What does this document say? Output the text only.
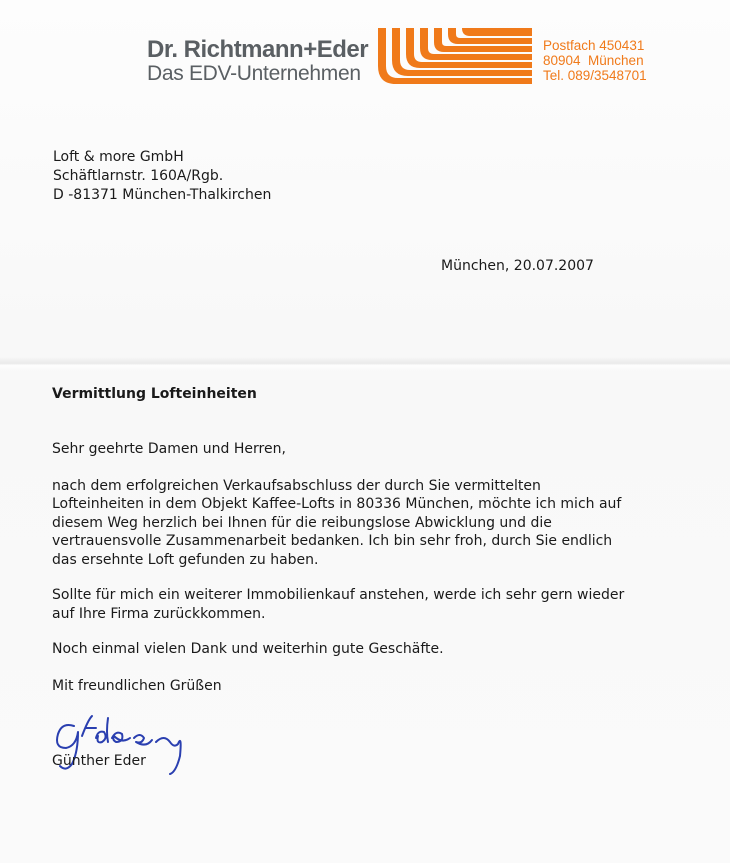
Dr. Richtmann+Eder
Das EDV-Unternehmen
Postfach 450431
80904  München
Tel. 089/3548701
Loft & more GmbH
Schäftlarnstr. 160A/Rgb.
D -81371 München-Thalkirchen
München, 20.07.2007
Vermittlung Lofteinheiten

Sehr geehrte Damen und Herren,

nach dem erfolgreichen Verkaufsabschluss der durch Sie vermittelten
Lofteinheiten in dem Objekt Kaffee-Lofts in 80336 München, möchte ich mich auf
diesem Weg herzlich bei Ihnen für die reibungslose Abwicklung und die
vertrauensvolle Zusammenarbeit bedanken. Ich bin sehr froh, durch Sie endlich
das ersehnte Loft gefunden zu haben.
Sollte für mich ein weiterer Immobilienkauf anstehen, werde ich sehr gern wieder
auf Ihre Firma zurückkommen.

Noch einmal vielen Dank und weiterhin gute Geschäfte.

Mit freundlichen Grüßen

Günther Eder
